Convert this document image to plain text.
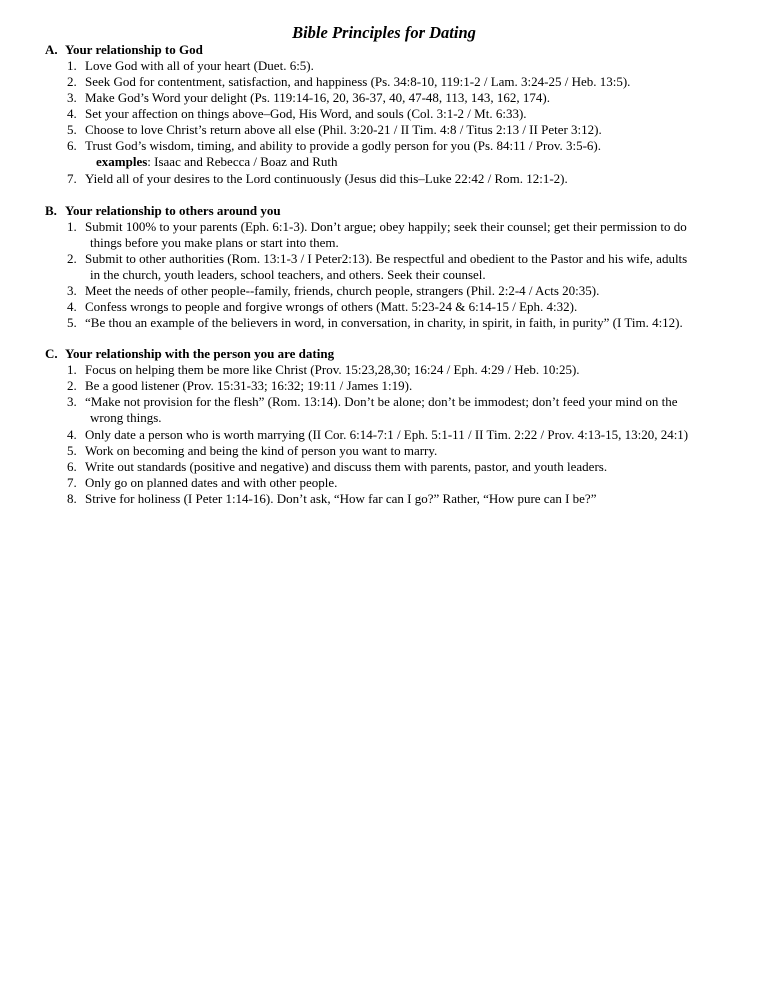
Bible Principles for Dating

A. Your relationship to God

1. Love God with all of your heart (Duet. 6:5).
2. Seek God for contentment, satisfaction, and happiness (Ps. 34:8-10, 119:1-2 / Lam. 3:24-25 / Heb. 13:5).
3. Make God’s Word your delight (Ps. 119:14-16, 20, 36-37, 40, 47-48, 113, 143, 162, 174).
4. Set your affection on things above–God, His Word, and souls (Col. 3:1-2 / Mt. 6:33).
5. Choose to love Christ’s return above all else (Phil. 3:20-21 / II Tim. 4:8 / Titus 2:13 / II Peter 3:12).
6. Trust God’s wisdom, timing, and ability to provide a godly person for you (Ps. 84:11 / Prov. 3:5-6).
examples: Isaac and Rebecca / Boaz and Ruth
7. Yield all of your desires to the Lord continuously (Jesus did this–Luke 22:42 / Rom. 12:1-2).

B. Your relationship to others around you

1. Submit 100% to your parents (Eph. 6:1-3). Don’t argue; obey happily; seek their counsel; get their permission to do
things before you make plans or start into them.
2. Submit to other authorities (Rom. 13:1-3 / I Peter2:13). Be respectful and obedient to the Pastor and his wife, adults
in the church, youth leaders, school teachers, and others. Seek their counsel.
3. Meet the needs of other people--family, friends, church people, strangers (Phil. 2:2-4 / Acts 20:35).
4. Confess wrongs to people and forgive wrongs of others (Matt. 5:23-24 & 6:14-15 / Eph. 4:32).
5. “Be thou an example of the believers in word, in conversation, in charity, in spirit, in faith, in purity” (I Tim. 4:12).

C. Your relationship with the person you are dating

1. Focus on helping them be more like Christ (Prov. 15:23,28,30; 16:24 / Eph. 4:29 / Heb. 10:25).
2. Be a good listener (Prov. 15:31-33; 16:32; 19:11 / James 1:19).
3. “Make not provision for the flesh” (Rom. 13:14). Don’t be alone; don’t be immodest; don’t feed your mind on the
wrong things.
4. Only date a person who is worth marrying (II Cor. 6:14-7:1 / Eph. 5:1-11 / II Tim. 2:22 / Prov. 4:13-15, 13:20, 24:1)
5. Work on becoming and being the kind of person you want to marry.
6. Write out standards (positive and negative) and discuss them with parents, pastor, and youth leaders.
7. Only go on planned dates and with other people.
8. Strive for holiness (I Peter 1:14-16). Don’t ask, “How far can I go?” Rather, “How pure can I be?”
